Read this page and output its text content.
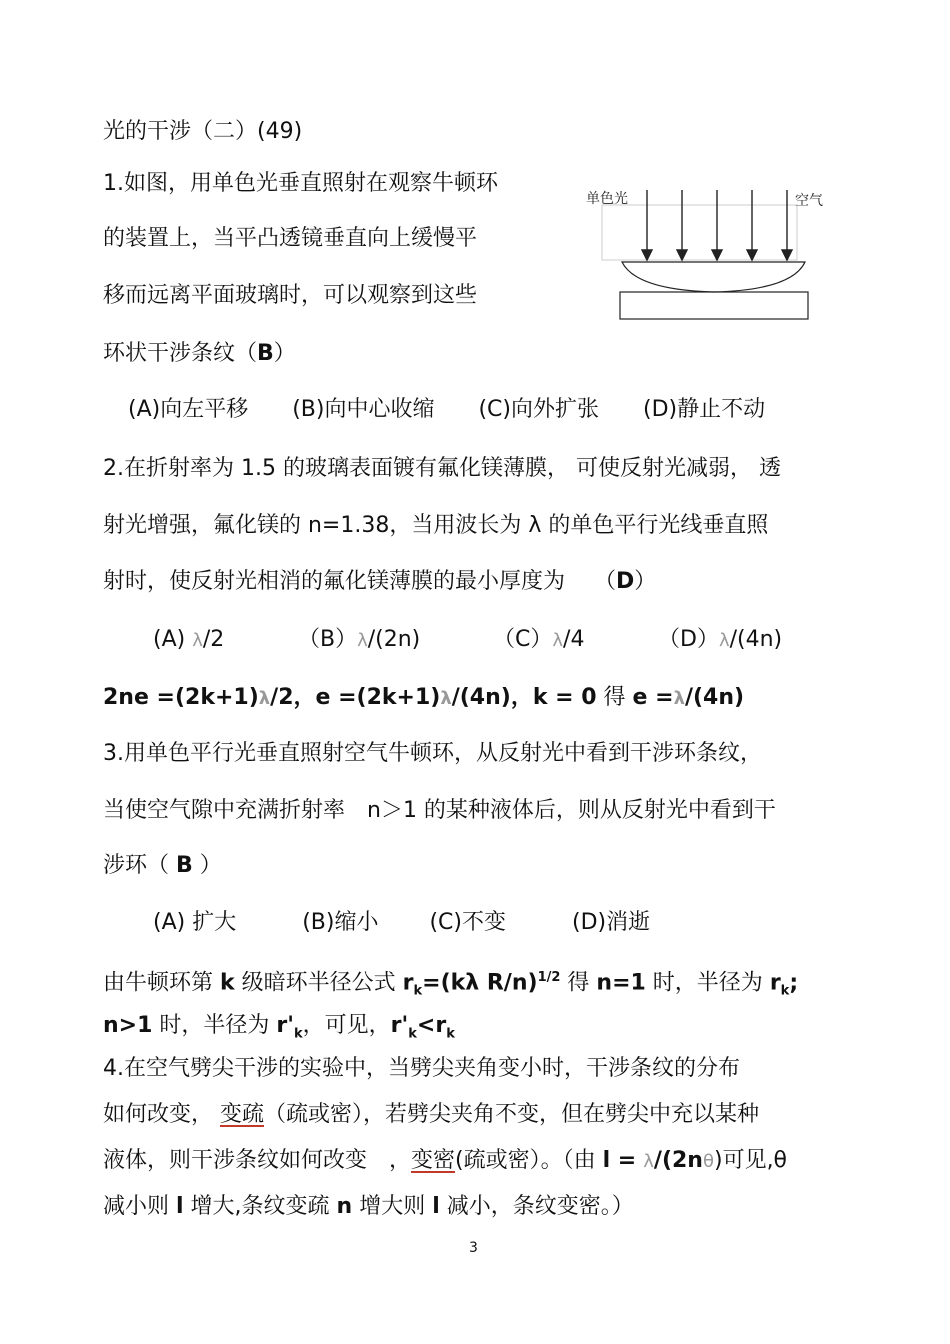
光的干涉（二）(49)
1.如图，用单色光垂直照射在观察牛顿环
的装置上，当平凸透镜垂直向上缓慢平
移而远离平面玻璃时，可以观察到这些
环状干涉条纹（B）
(A)向左平移　　(B)向中心收缩　　(C)向外扩张　　(D)静止不动
单色光	空气
2.在折射率为 1.5 的玻璃表面镀有氟化镁薄膜， 可使反射光减弱， 透
射光增强，氟化镁的 n=1.38，当用波长为 λ 的单色平行光线垂直照
射时，使反射光相消的氟化镁薄膜的最小厚度为　 （D）
(A) λ/2	（B）λ/(2n)	（C）λ/4	（D）λ/(4n)
2ne =(2k+1)λ/2，e =(2k+1)λ/(4n)，k = 0 得 e =λ/(4n)
3.用单色平行光垂直照射空气牛顿环，从反射光中看到干涉环条纹，
当使空气隙中充满折射率　n＞1 的某种液体后，则从反射光中看到干
涉环（ B ）
(A) 扩大　　　(B)缩小　　 (C)不变　　　(D)消逝
由牛顿环第 k 级暗环半径公式 $r_k=(k\lambda$ R/n)$^{1/2}$ 得 n=1 时，半径为 $r_k$;
n>1 时，半径为 $r'_k$，可见，$r'_k<r_k$
4.在空气劈尖干涉的实验中，当劈尖夹角变小时，干涉条纹的分布
如何改变， 变疏（疏或密），若劈尖夹角不变，但在劈尖中充以某种
液体，则干涉条纹如何改变　，变密(疏或密）。（由 l = λ/(2nθ)可见,θ
减小则 l 增大,条纹变疏 n 增大则 l 减小，条纹变密。）
3
